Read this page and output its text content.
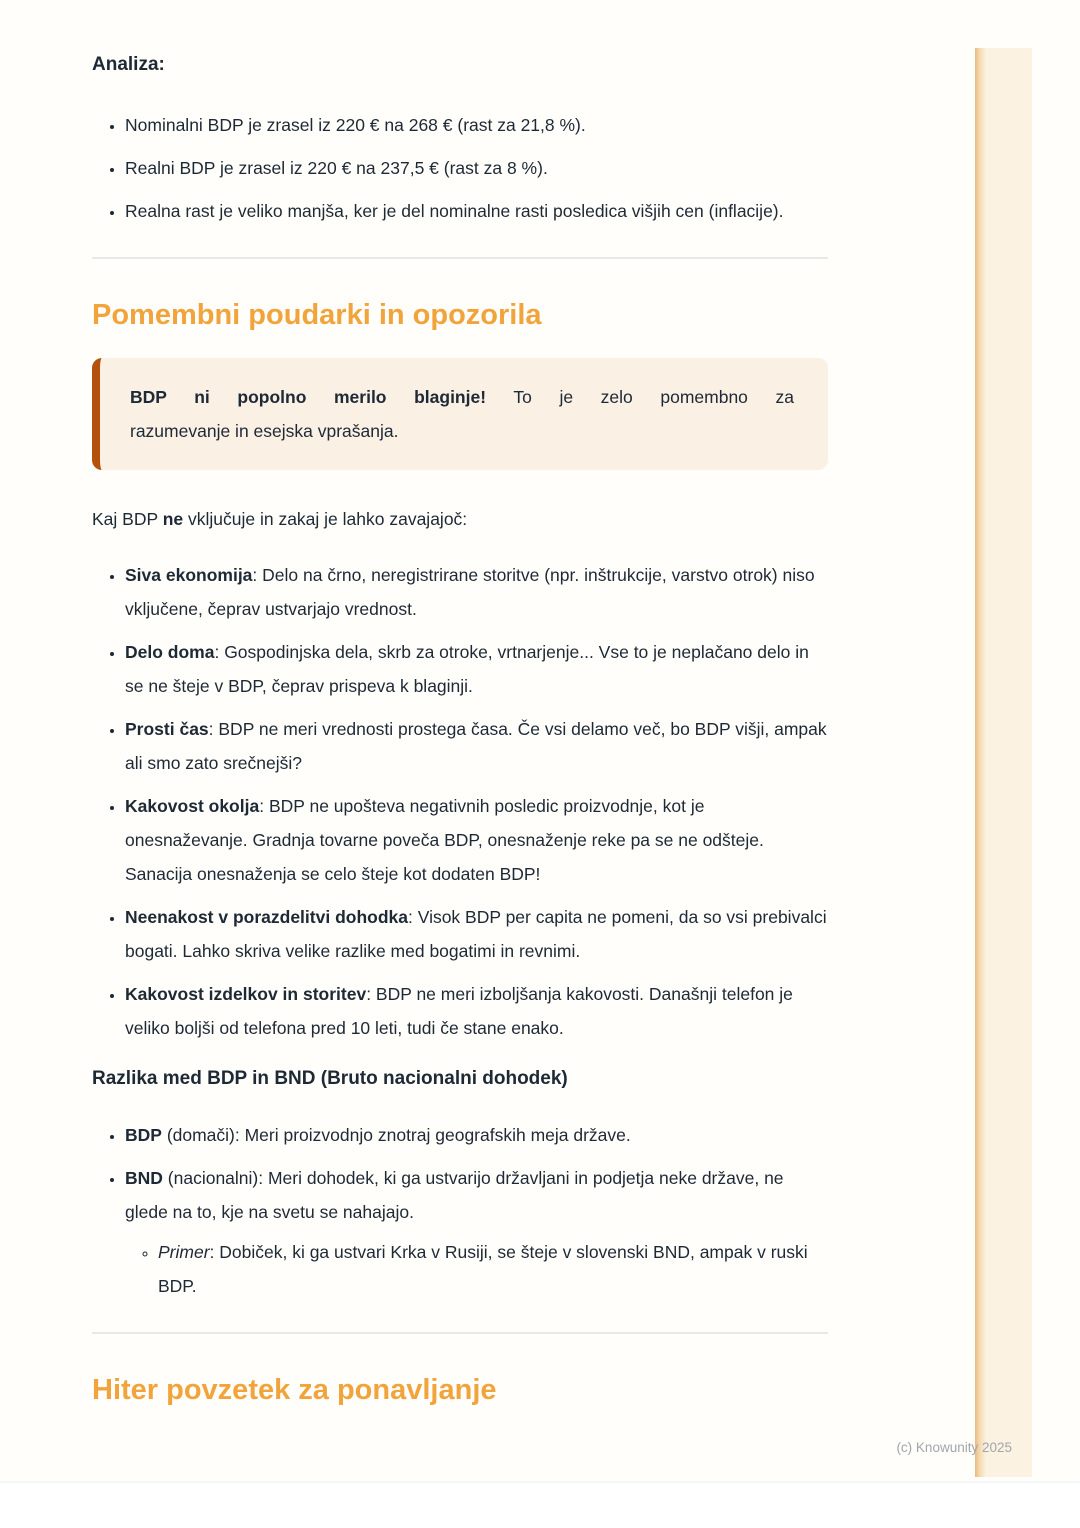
Analiza:
• Nominalni BDP je zrasel iz 220 € na 268 € (rast za 21,8 %).
• Realni BDP je zrasel iz 220 € na 237,5 € (rast za 8 %).
• Realna rast je veliko manjša, ker je del nominalne rasti posledica višjih cen (inflacije).
Pomembni poudarki in opozorila
BDP ni popolno merilo blaginje! To je zelo pomembno za
razumevanje in esejska vprašanja.

Kaj BDP ne vključuje in zakaj je lahko zavajajoč:

• Siva ekonomija: Delo na črno, neregistrirane storitve (npr. inštrukcije, varstvo otrok) niso vključene, čeprav ustvarjajo vrednost.
• Delo doma: Gospodinjska dela, skrb za otroke, vrtnarjenje... Vse to je neplačano delo in se ne šteje v BDP, čeprav prispeva k blaginji.
• Prosti čas: BDP ne meri vrednosti prostega časa. Če vsi delamo več, bo BDP višji, ampak ali smo zato srečnejši?
• Kakovost okolja: BDP ne upošteva negativnih posledic proizvodnje, kot je onesnaževanje. Gradnja tovarne poveča BDP, onesnaženje reke pa se ne odšteje. Sanacija onesnaženja se celo šteje kot dodaten BDP!
• Neenakost v porazdelitvi dohodka: Visok BDP per capita ne pomeni, da so vsi prebivalci bogati. Lahko skriva velike razlike med bogatimi in revnimi.
• Kakovost izdelkov in storitev: BDP ne meri izboljšanja kakovosti. Današnji telefon je veliko boljši od telefona pred 10 leti, tudi če stane enako.
Razlika med BDP in BND (Bruto nacionalni dohodek)
• BDP (domači): Meri proizvodnjo znotraj geografskih meja države.
• BND (nacionalni): Meri dohodek, ki ga ustvarijo državljani in podjetja neke države, ne glede na to, kje na svetu se nahajajo.
◦ Primer: Dobiček, ki ga ustvari Krka v Rusiji, se šteje v slovenski BND, ampak v ruski BDP.
Hiter povzetek za ponavljanje
(c) Knowunity 2025
